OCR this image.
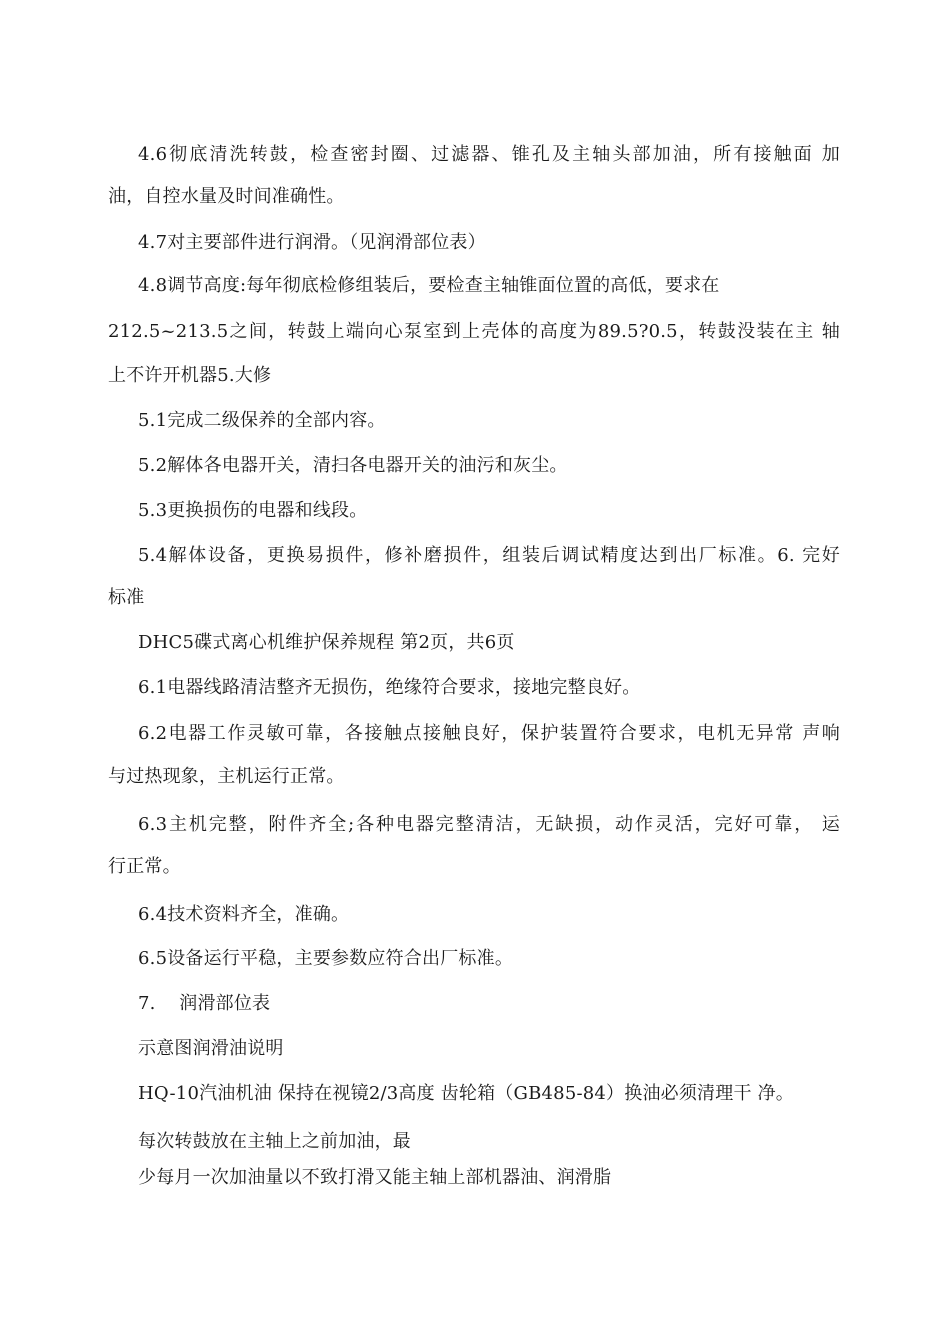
4.6彻底清洗转鼓，检查密封圈、过滤器、锥孔及主轴头部加油，所有接触面 加
油，自控水量及时间准确性。
4.7对主要部件进行润滑。（见润滑部位表）
4.8调节高度:每年彻底检修组装后，要检查主轴锥面位置的高低，要求在
212.5~213.5之间，转鼓上端向心泵室到上壳体的高度为89.5?0.5，转鼓没装在主 轴
上不许开机器5.大修
5.1完成二级保养的全部内容。
5.2解体各电器开关，清扫各电器开关的油污和灰尘。
5.3更换损伤的电器和线段。
5.4解体设备，更换易损件，修补磨损件，组装后调试精度达到出厂标准。6. 完好
标准
DHC5碟式离心机维护保养规程 第2页，共6页
6.1电器线路清洁整齐无损伤，绝缘符合要求，接地完整良好。
6.2电器工作灵敏可靠，各接触点接触良好，保护装置符合要求，电机无异常 声响
与过热现象，主机运行正常。
6.3主机完整，附件齐全;各种电器完整清洁，无缺损，动作灵活，完好可靠， 运
行正常。
6.4技术资料齐全，准确。
6.5设备运行平稳，主要参数应符合出厂标准。
7.    润滑部位表
示意图润滑油说明
HQ-10汽油机油 保持在视镜2/3高度 齿轮箱（GB485-84）换油必须清理干 净。
每次转鼓放在主轴上之前加油，最
少每月一次加油量以不致打滑又能主轴上部机器油、润滑脂
